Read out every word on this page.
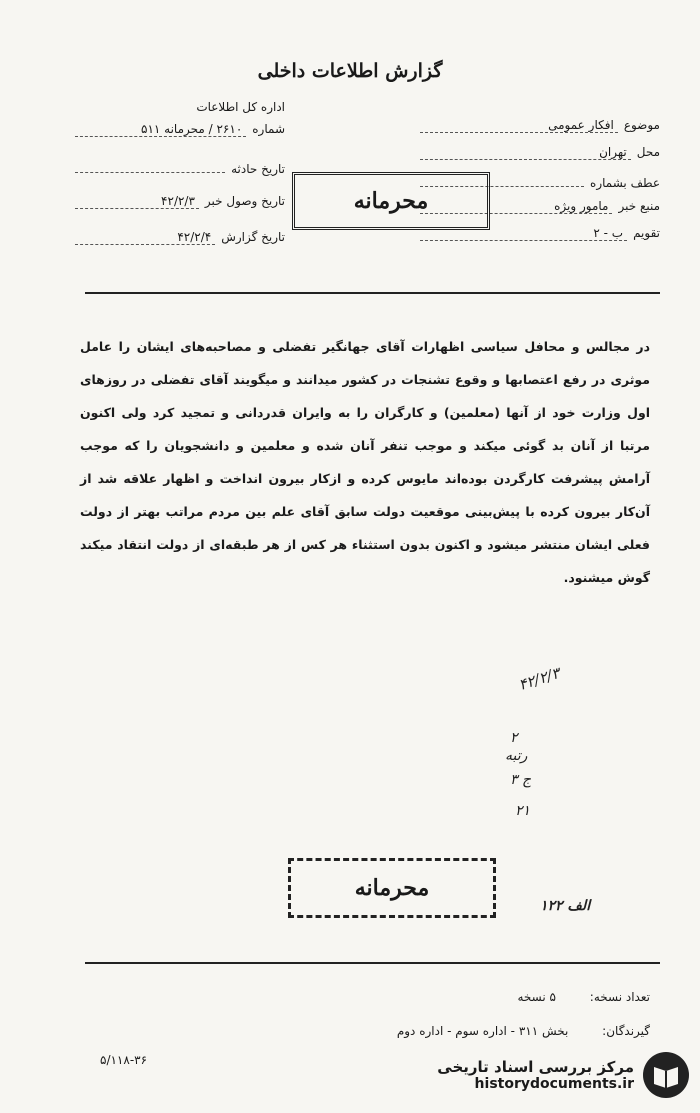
گزارش اطلاعات داخلی
موضوع
افکار عمومی
محل
تهران
عطف بشماره
منبع خبر
مامور ویژه
تقویم
ب - ۲
اداره کل اطلاعات
شماره
۲۶۱۰ / محرمانه ۵۱۱
تاریخ حادثه
تاریخ وصول خبر
۴۲/۲/۳
تاریخ گزارش
۴۲/۲/۴
محرمانه
در مجالس و محافل سیاسی اظهارات آقای جهانگیر تفضلی و مصاحبه‌های ایشان را عامل موثری در رفع اعتصابها و وقوع تشنجات در کشور میدانند و میگویند آقای تفضلی در روزهای اول وزارت خود از آنها (معلمین) و کارگران را به وایران قدردانی و تمجید کرد ولی اکنون مرتبا از آنان بد گوئی میکند و موجب تنفر آنان شده و معلمین و دانشجویان را که موجب آرامش پیشرفت کارگردن بوده‌اند مایوس کرده و ازکار بیرون انداخت و اظهار علاقه شد از آن‌کار بیرون کرده با پیش‌بینی موقعیت دولت سابق آقای علم بین مردم مراتب بهتر از دولت فعلی ایشان منتشر میشود و اکنون بدون استثناء هر کس از هر طبقه‌ای از دولت انتقاد میکند گوش میشنود.
۴۲/۲/۳
۲
رتبه
ج ۳
۲۱
محرمانه
الف ۱۲۲
تعداد نسخه: ۵ نسخه
گیرندگان: بخش ۳۱۱ - اداره سوم - اداره دوم
۵/۱۱۸-۳۶	مرکز بررسی اسناد تاریخی
historydocuments.ir
